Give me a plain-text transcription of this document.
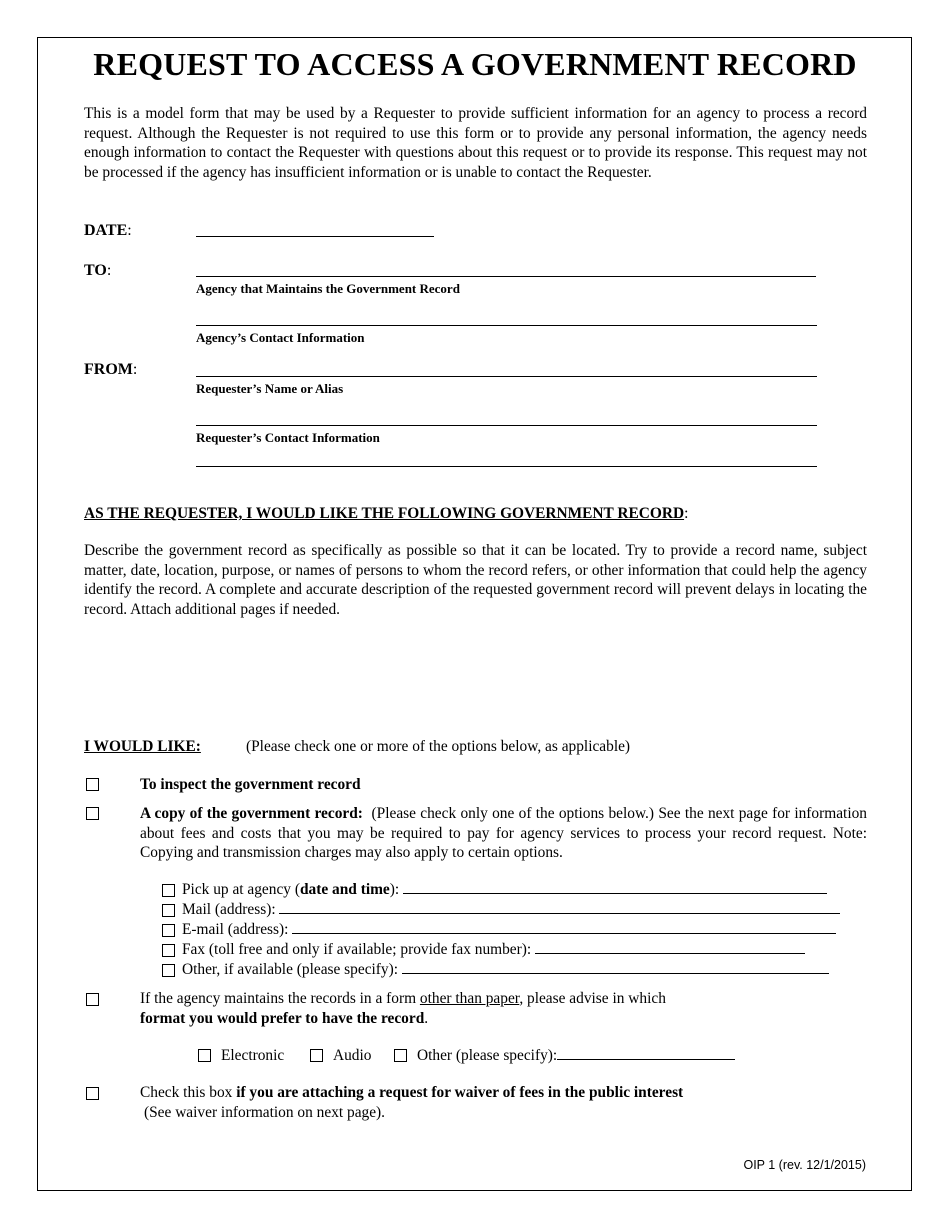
REQUEST TO ACCESS A GOVERNMENT RECORD
This is a model form that may be used by a Requester to provide sufficient information for an agency to process a record request. Although the Requester is not required to use this form or to provide any personal information, the agency needs enough information to contact the Requester with questions about this request or to provide its response. This request may not be processed if the agency has insufficient information or is unable to contact the Requester.
DATE:
TO:
Agency that Maintains the Government Record
Agency’s Contact Information
FROM:
Requester’s Name or Alias
Requester’s Contact Information
AS THE REQUESTER, I WOULD LIKE THE FOLLOWING GOVERNMENT RECORD:
Describe the government record as specifically as possible so that it can be located. Try to provide a record name, subject matter, date, location, purpose, or names of persons to whom the record refers, or other information that could help the agency identify the record. A complete and accurate description of the requested government record will prevent delays in locating the record. Attach additional pages if needed.
I WOULD LIKE:	(Please check one or more of the options below, as applicable)
To inspect the government record
A copy of the government record: (Please check only one of the options below.) See the next page for information about fees and costs that you may be required to pay for agency services to process your record request. Note: Copying and transmission charges may also apply to certain options.
Pick up at agency (date and time):
Mail (address):
E-mail (address):
Fax (toll free and only if available; provide fax number):
Other, if available (please specify):
If the agency maintains the records in a form other than paper, please advise in which
format you would prefer to have the record.
Electronic	Audio	Other (please specify):
Check this box if you are attaching a request for waiver of fees in the public interest
(See waiver information on next page).
OIP 1 (rev. 12/1/2015)
